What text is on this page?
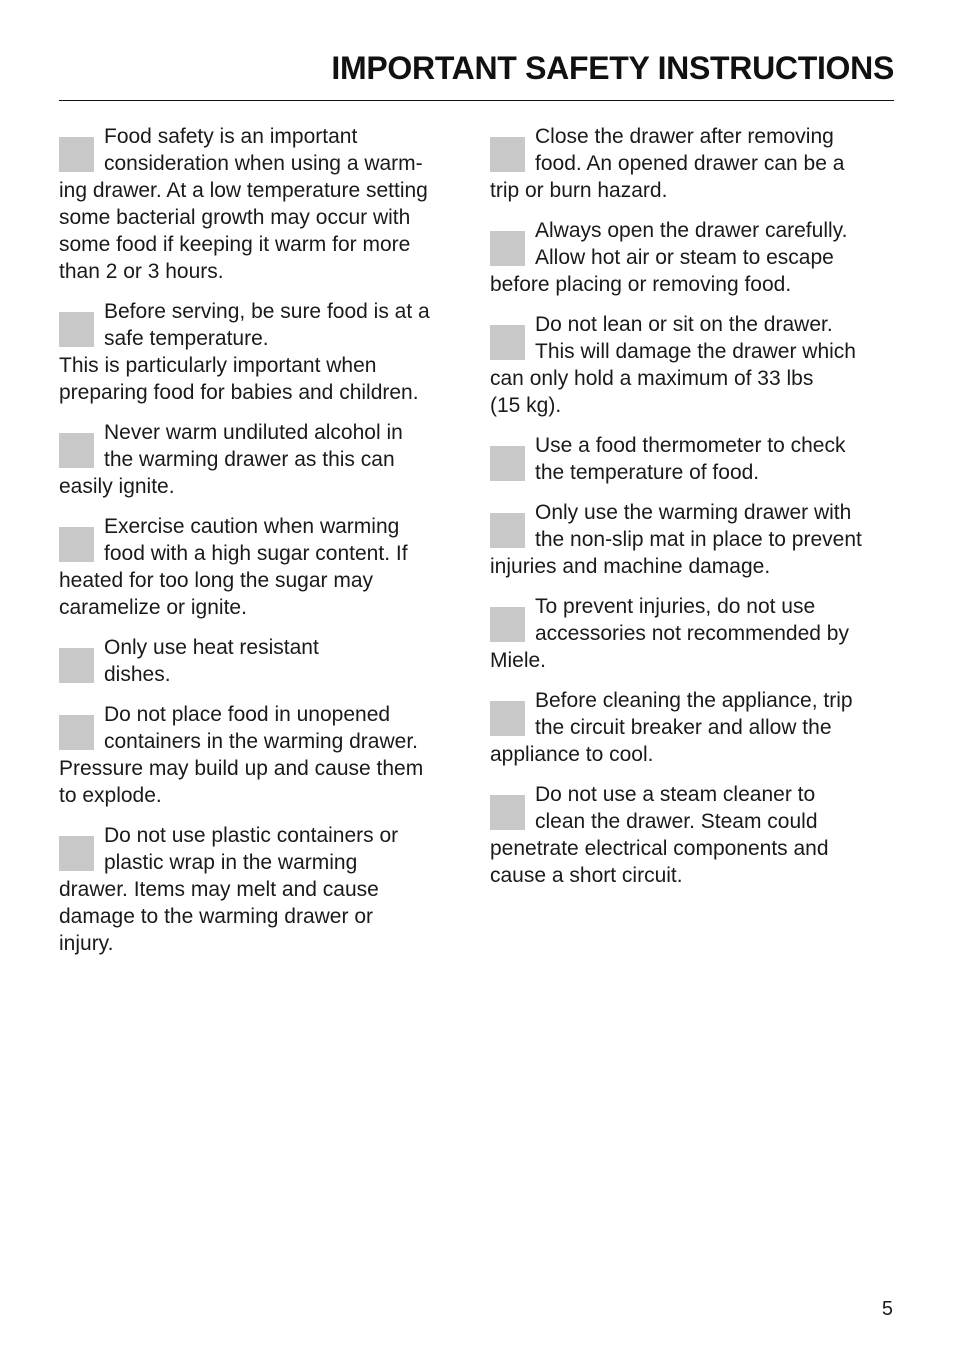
IMPORTANT SAFETY INSTRUCTIONS

Food safety is an important

consideration when using a warm-

ing drawer. At a low temperature setting

some bacterial growth may occur with

some food if keeping it warm for more

than 2 or 3 hours.

Before serving, be sure food is at a

safe temperature.

This is particularly important when

preparing food for babies and children.

Never warm undiluted alcohol in

the warming drawer as this can

easily ignite.

Exercise caution when warming

food with a high sugar content. If

heated for too long the sugar may

caramelize or ignite.

Only use heat resistant

dishes.

Do not place food in unopened

containers in the warming drawer.

Pressure may build up and cause them

to explode.

Do not use plastic containers or

plastic wrap in the warming

drawer. Items may melt and cause

damage to the warming drawer or

injury.

Close the drawer after removing

food. An opened drawer can be a

trip or burn hazard.

Always open the drawer carefully.

Allow hot air or steam to escape

before placing or removing food.

Do not lean or sit on the drawer.

This will damage the drawer which

can only hold a maximum of 33 lbs

(15 kg).

Use a food thermometer to check

the temperature of food.

Only use the warming drawer with

the non-slip mat in place to prevent

injuries and machine damage.

To prevent injuries, do not use

accessories not recommended by

Miele.

Before cleaning the appliance, trip

the circuit breaker and allow the

appliance to cool.

Do not use a steam cleaner to

clean the drawer. Steam could

penetrate electrical components and

cause a short circuit.

5
